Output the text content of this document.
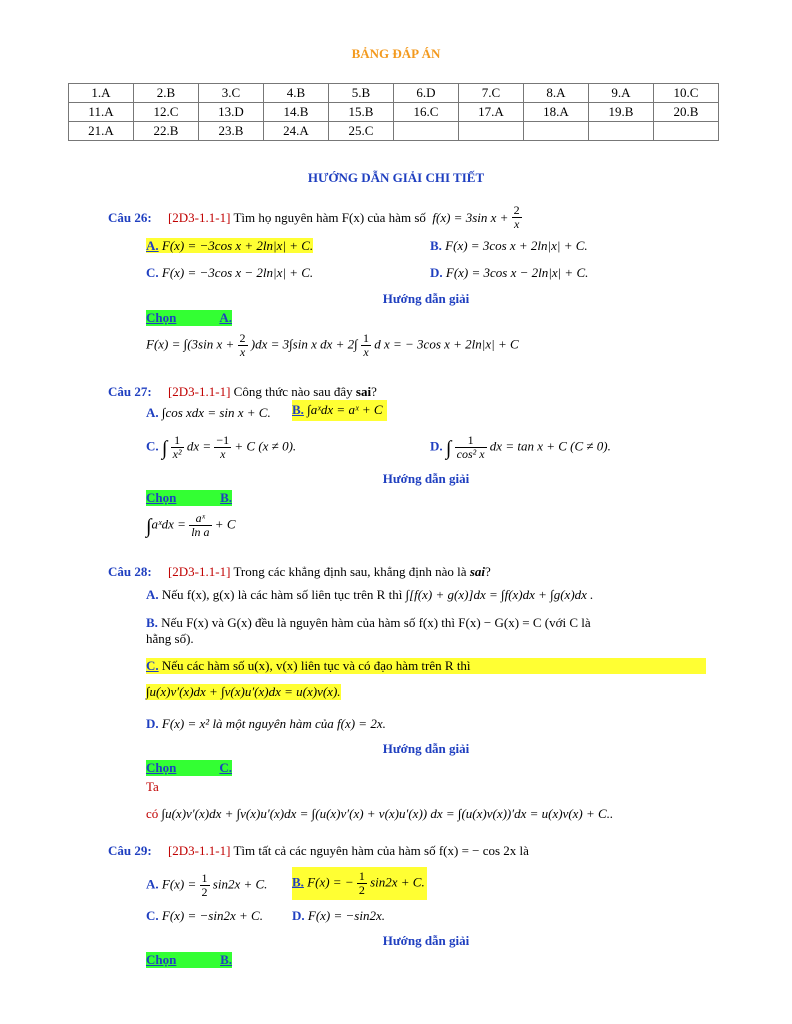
BẢNG ĐÁP ÁN
1.A	2.B	3.C	4.B	5.B	6.D	7.C	8.A	9.A	10.C
11.A	12.C	13.D	14.B	15.B	16.C	17.A	18.A	19.B	20.B
21.A	22.B	23.B	24.A	25.C					
HƯỚNG DẪN GIẢI CHI TIẾT
Câu 26: [2D3-1.1-1] Tìm họ nguyên hàm F(x) của hàm số f(x) = 3sin $x + \frac{2}{x}$
A. F(x) = −3cos x + 2ln|x| + C.	B. F(x) = 3cos x + 2ln|x| + C.
C. F(x) = −3cos x − 2ln|x| + C.	D. F(x) = 3cos x − 2ln|x| + C.
Hướng dẫn giải
Chọn	A.
F(x) = ∫(3sin $x + \frac{2}{x} )dx = 3\int\sin$ x dx + $2\int \frac{1}{x}$ d x = − 3cos x + 2ln|x| + C
Câu 27: [2D3-1.1-1] Công thức nào sau đây sai?
A. ∫cos xdx = sin x + C. B. ∫aˣdx = aˣ + C
C. ∫ $\frac{1}{\text{x²}}$ dx = $\frac{-1}{x} + C$ (x ≠ 0).	D. ∫ $\frac{1}{\text{cos² x}}$ dx = tan x + C (C ≠ 0).
Hướng dẫn giải
Chọn	B.
∫aˣdx = $\frac{\text{aˣ}}{\text{ln a}} + C$
Câu 28: [2D3-1.1-1] Trong các khẳng định sau, khẳng định nào là sai?
A. Nếu f(x), g(x) là các hàm số liên tục trên R thì ∫[f(x) + g(x)]dx = ∫f(x)dx + ∫g(x)dx .
B. Nếu F(x) và G(x) đều là nguyên hàm của hàm số f(x) thì F(x) − G(x) = C (với C là
hằng số).
C. Nếu các hàm số u(x), v(x) liên tục và có đạo hàm trên R thì
∫u(x)v′(x)dx + ∫v(x)u′(x)dx = u(x)v(x).
D. F(x) = x² là một nguyên hàm của f(x) = 2x.
Hướng dẫn giải
Chọn	C.
Ta
có ∫u(x)v′(x)dx + ∫v(x)u′(x)dx = ∫(u(x)v′(x) + v(x)u′(x)) dx = ∫(u(x)v(x))′dx = u(x)v(x) + C..
Câu 29: [2D3-1.1-1] Tìm tất cả các nguyên hàm của hàm số f(x) = − cos 2x là
A. $F(x) = \frac{1}{2} \sin 2x + C$. B. F(x) = − $\frac{1}{2} \sin 2x + C$.
C. F(x) = −sin2x + C. D. F(x) = −sin2x.
Hướng dẫn giải
Chọn	B.
